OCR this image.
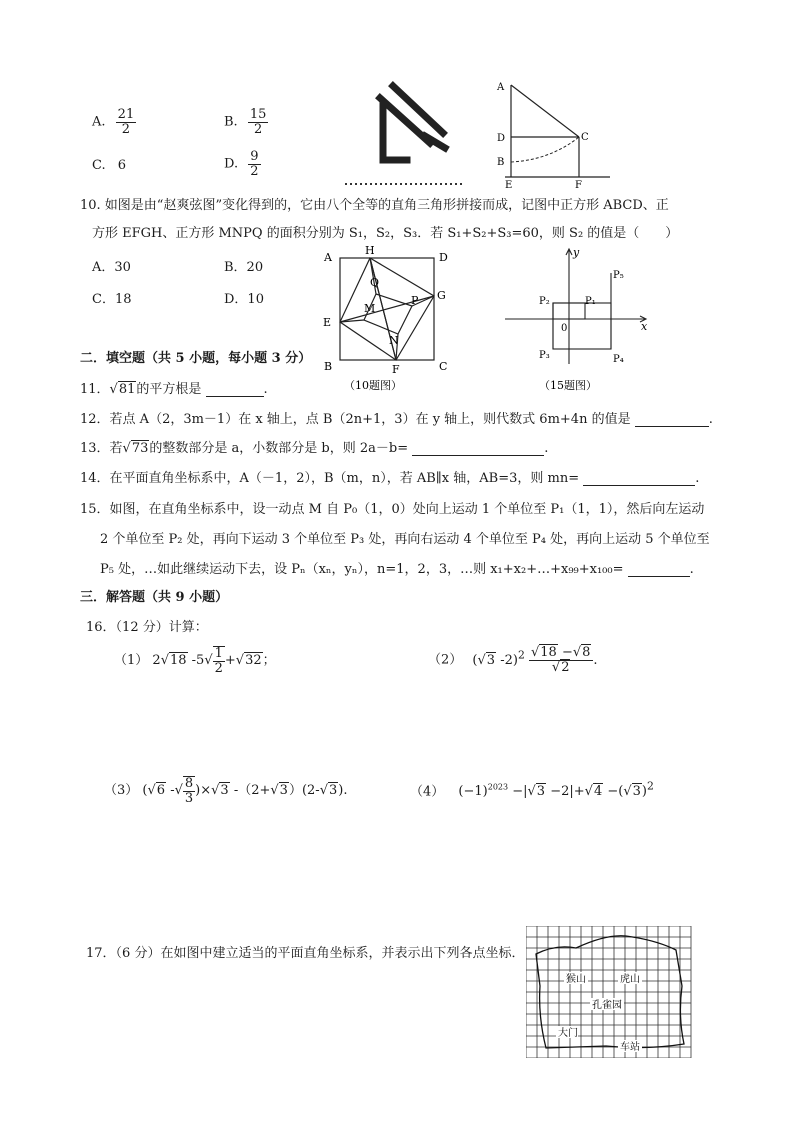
A. $\frac{21}{2}$	B. $\frac{15}{2}$
C. 6	D. $\frac{9}{2}$
A
D	C
B
E	F
10. 如图是由“赵爽弦图”变化得到的，它由八个全等的直角三角形拼接而成，记图中正方形 ABCD、正
方形 EFGH、正方形 MNPQ 的面积分别为 S₁，S₂，S₃．若 S₁+S₂+S₃=60，则 S₂ 的值是（　　）
A．30	B．20
C．18	D．10
A
H
D
Q
M
P G
E
N
B	F	C
（10题图）
y
x
0
P₁
P₂
P₃	P₄
P₅
（15题图）
二．填空题（共 5 小题，每小题 3 分）
11．√81的平方根是	.
12．若点 A（2，3m－1）在 x 轴上，点 B（2n+1，3）在 y 轴上，则代数式 6m+4n 的值是	.
13．若√73的整数部分是 a，小数部分是 b，则 2a－b=	.
14．在平面直角坐标系中，A（－1，2），B（m，n），若 AB∥x 轴，AB=3，则 mn=	.
15．如图，在直角坐标系中，设一动点 M 自 P₀（1，0）处向上运动 1 个单位至 P₁（1，1），然后向左运动
2 个单位至 P₂ 处，再向下运动 3 个单位至 P₃ 处，再向右运动 4 个单位至 P₄ 处，再向上运动 5 个单位至
P₅ 处，…如此继续运动下去，设 Pₙ（xₙ，yₙ），n=1，2，3，…则 x₁+x₂+…+x₉₉+x₁₀₀=	.
三．解答题（共 9 小题）
16．（12 分）计算：
（1） 2√18 $-5√ \frac{1}{2} +√32$；	（2） (√3 $-2)^2 \frac{√18 -√8}{√2}$ .
（3） (√6 -√ $\frac{8}{3} )\times√3$ -（2+√3）(2-√3).	（4） $(-1)^{2023} -|√3 -2|+√4 -(√3)^2$
17．（6 分）在如图中建立适当的平面直角坐标系，并表示出下列各点坐标．
猴山	虎山
孔雀园
大门
车站
